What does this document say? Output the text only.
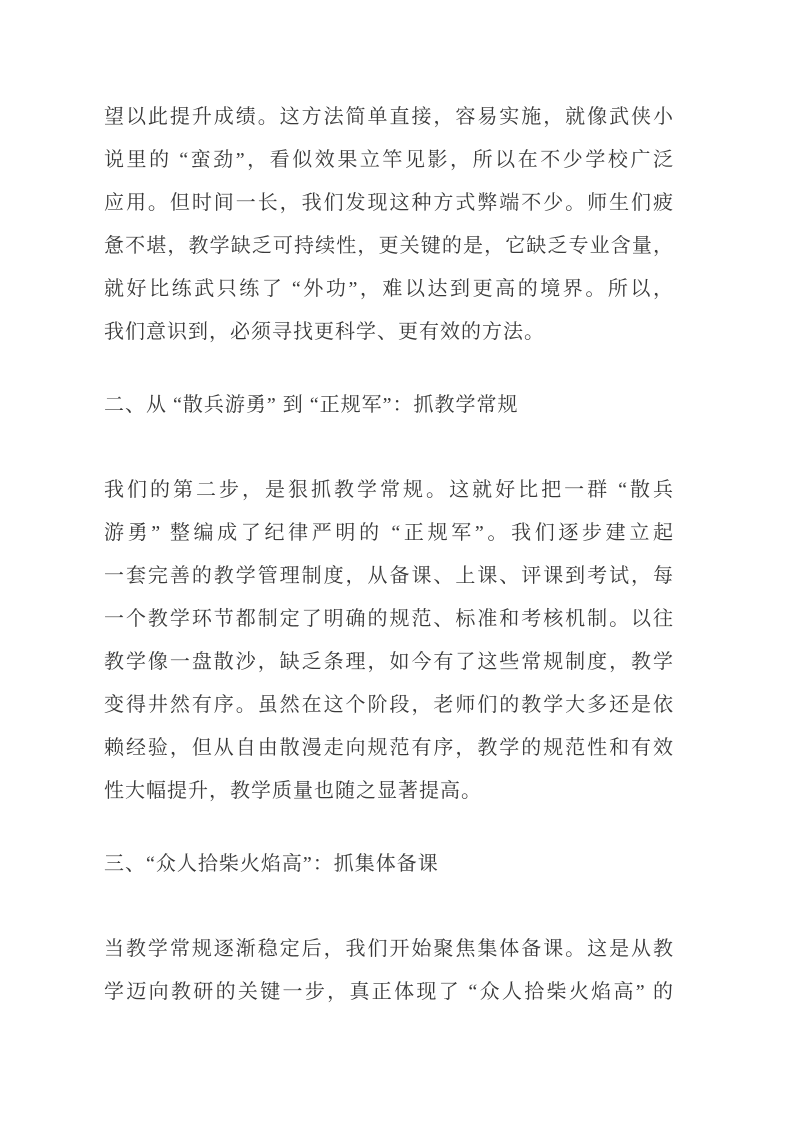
望以此提升成绩。这方法简单直接，容易实施，就像武侠小
说里的 “蛮劲”，看似效果立竿见影，所以在不少学校广泛
应用。但时间一长，我们发现这种方式弊端不少。师生们疲
惫不堪，教学缺乏可持续性，更关键的是，它缺乏专业含量，
就好比练武只练了 “外功”，难以达到更高的境界。所以，
我们意识到，必须寻找更科学、更有效的方法。
二、从 “散兵游勇” 到 “正规军”：抓教学常规
我们的第二步，是狠抓教学常规。这就好比把一群 “散兵
游勇” 整编成了纪律严明的 “正规军”。我们逐步建立起
一套完善的教学管理制度，从备课、上课、评课到考试，每
一个教学环节都制定了明确的规范、标准和考核机制。以往
教学像一盘散沙，缺乏条理，如今有了这些常规制度，教学
变得井然有序。虽然在这个阶段，老师们的教学大多还是依
赖经验，但从自由散漫走向规范有序，教学的规范性和有效
性大幅提升，教学质量也随之显著提高。
三、“众人拾柴火焰高”：抓集体备课
当教学常规逐渐稳定后，我们开始聚焦集体备课。这是从教
学迈向教研的关键一步，真正体现了 “众人拾柴火焰高” 的
